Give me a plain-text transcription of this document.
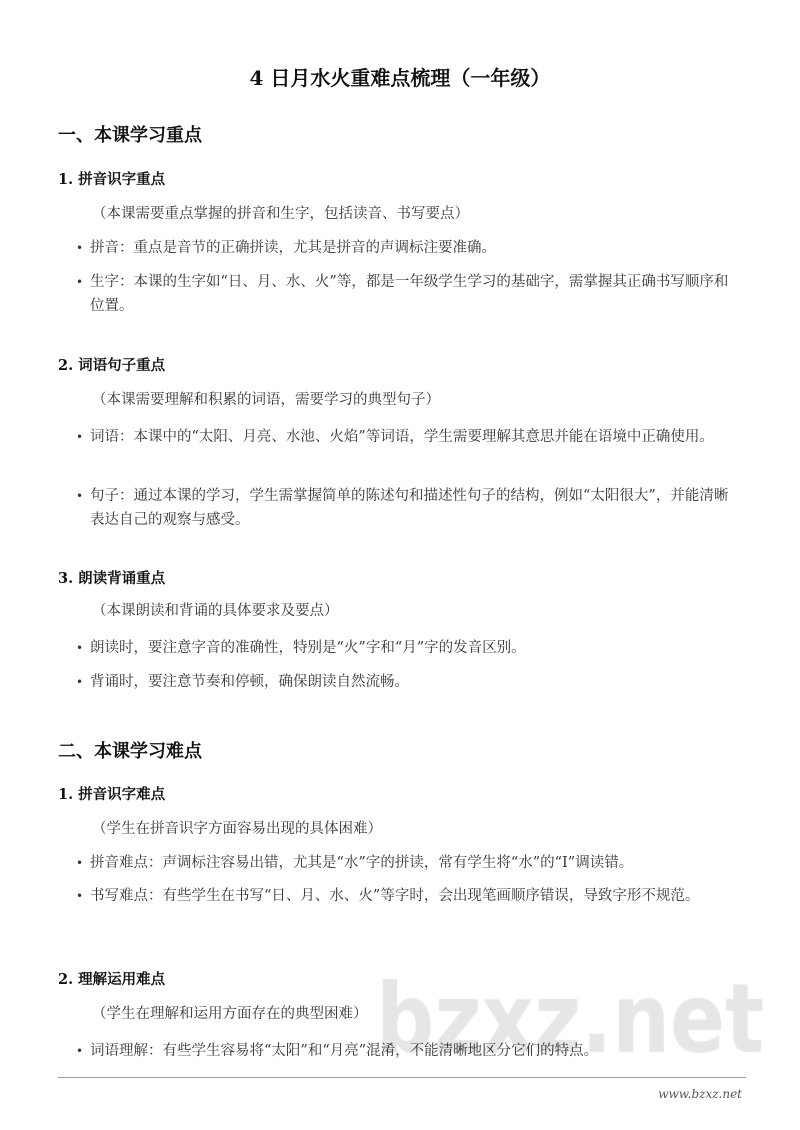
4 日月水火重难点梳理（一年级）
一、本课学习重点
1. 拼音识字重点
（本课需要重点掌握的拼音和生字，包括读音、书写要点）
• 拼音：重点是音节的正确拼读，尤其是拼音的声调标注要准确。
• 生字：本课的生字如“日、月、水、火”等，都是一年级学生学习的基础字，需掌握其正确书写顺序和位置。
2. 词语句子重点
（本课需要理解和积累的词语，需要学习的典型句子）
• 词语：本课中的“太阳、月亮、水池、火焰”等词语，学生需要理解其意思并能在语境中正确使用。
• 句子：通过本课的学习，学生需掌握简单的陈述句和描述性句子的结构，例如“太阳很大”，并能清晰表达自己的观察与感受。
3. 朗读背诵重点
（本课朗读和背诵的具体要求及要点）
• 朗读时，要注意字音的准确性，特别是“火”字和“月”字的发音区别。
• 背诵时，要注意节奏和停顿，确保朗读自然流畅。
二、本课学习难点
1. 拼音识字难点
（学生在拼音识字方面容易出现的具体困难）
• 拼音难点：声调标注容易出错，尤其是“水”字的拼读，常有学生将“水”的“I”调读错。
• 书写难点：有些学生在书写“日、月、水、火”等字时，会出现笔画顺序错误，导致字形不规范。
2. 理解运用难点
（学生在理解和运用方面存在的典型困难）
• 词语理解：有些学生容易将“太阳”和“月亮”混淆，不能清晰地区分它们的特点。
www.bzxz.net
